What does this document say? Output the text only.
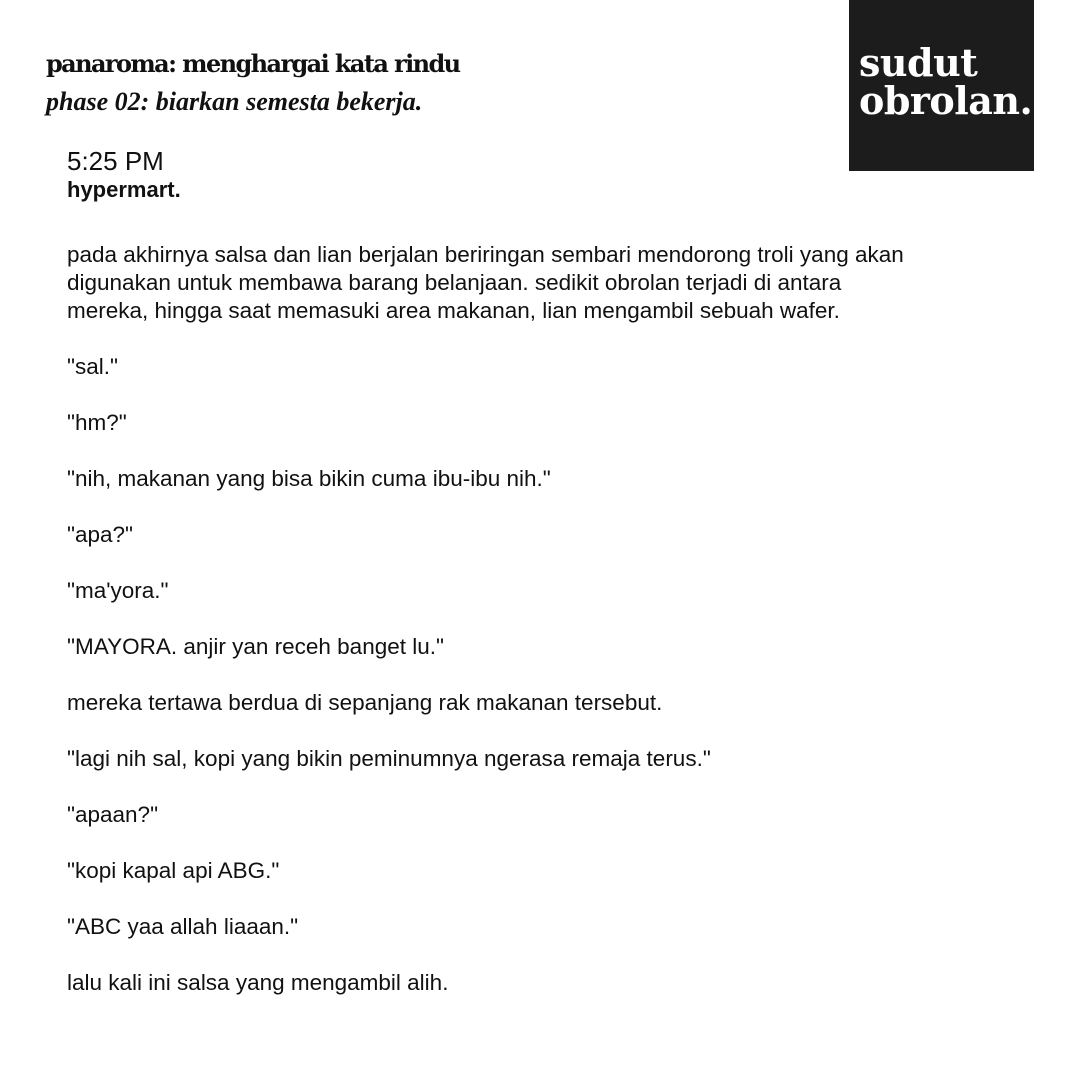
panaroma: menghargai kata rindu
phase 02: biarkan semesta bekerja.
sudut
obrolan.
5:25 PM
hypermart.
pada akhirnya salsa dan lian berjalan beriringan sembari mendorong troli yang akan
digunakan untuk membawa barang belanjaan. sedikit obrolan terjadi di antara
mereka, hingga saat memasuki area makanan, lian mengambil sebuah wafer.
"sal."
"hm?"
"nih, makanan yang bisa bikin cuma ibu-ibu nih."
"apa?"
"ma'yora."
"MAYORA. anjir yan receh banget lu."
mereka tertawa berdua di sepanjang rak makanan tersebut.
"lagi nih sal, kopi yang bikin peminumnya ngerasa remaja terus."
"apaan?"
"kopi kapal api ABG."
"ABC yaa allah liaaan."
lalu kali ini salsa yang mengambil alih.
